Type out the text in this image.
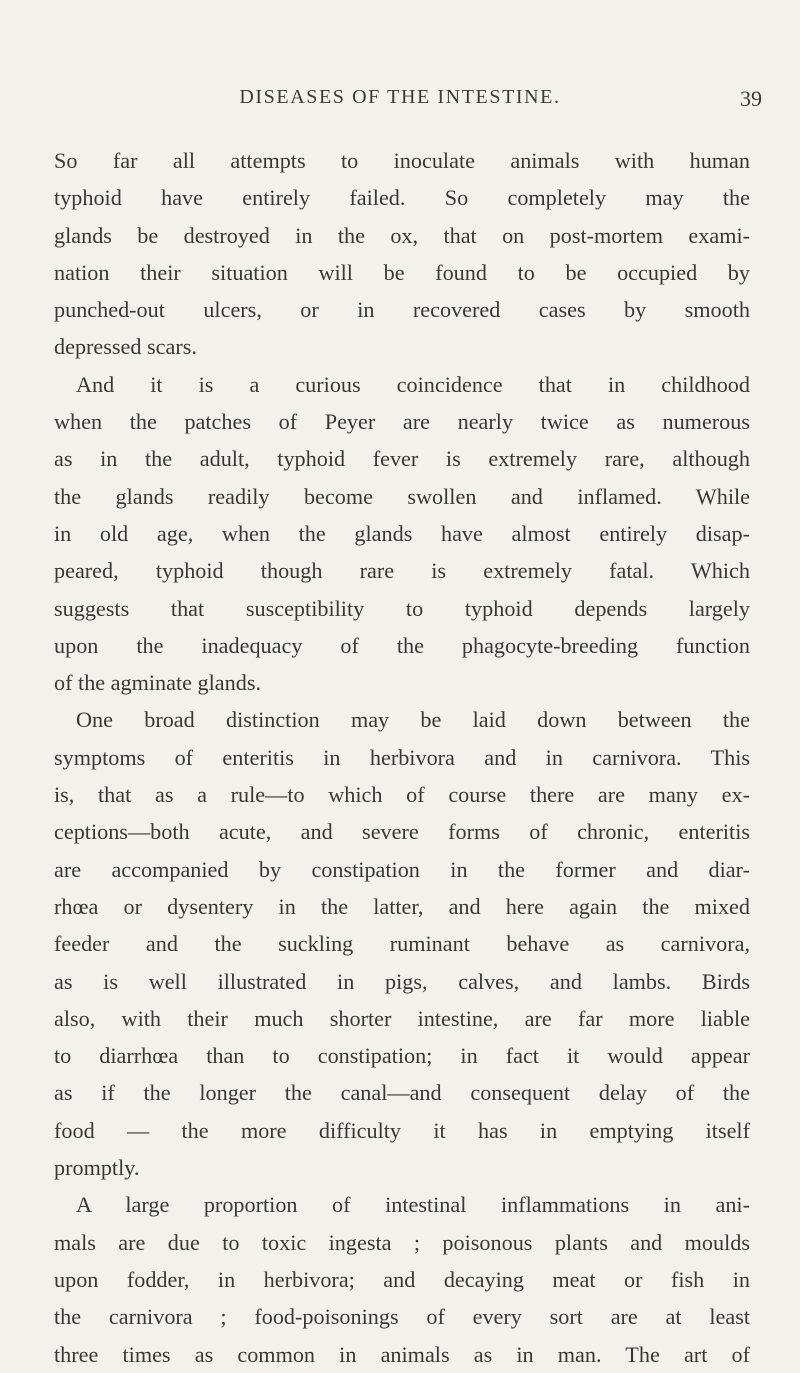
DISEASES OF THE INTESTINE.	39
So far all attempts to inoculate animals with human
typhoid have entirely failed. So completely may the
glands be destroyed in the ox, that on post-mortem exami-
nation their situation will be found to be occupied by
punched-out ulcers, or in recovered cases by smooth
depressed scars.
And it is a curious coincidence that in childhood
when the patches of Peyer are nearly twice as numerous
as in the adult, typhoid fever is extremely rare, although
the glands readily become swollen and inflamed. While
in old age, when the glands have almost entirely disap-
peared, typhoid though rare is extremely fatal. Which
suggests that susceptibility to typhoid depends largely
upon the inadequacy of the phagocyte-breeding function
of the agminate glands.
One broad distinction may be laid down between the
symptoms of enteritis in herbivora and in carnivora. This
is, that as a rule—to which of course there are many ex-
ceptions—both acute, and severe forms of chronic, enteritis
are accompanied by constipation in the former and diar-
rhœa or dysentery in the latter, and here again the mixed
feeder and the suckling ruminant behave as carnivora,
as is well illustrated in pigs, calves, and lambs. Birds
also, with their much shorter intestine, are far more liable
to diarrhœa than to constipation; in fact it would appear
as if the longer the canal—and consequent delay of the
food — the more difficulty it has in emptying itself
promptly.
A large proportion of intestinal inflammations in ani-
mals are due to toxic ingesta ; poisonous plants and moulds
upon fodder, in herbivora; and decaying meat or fish in
the carnivora ; food-poisonings of every sort are at least
three times as common in animals as in man. The art of
